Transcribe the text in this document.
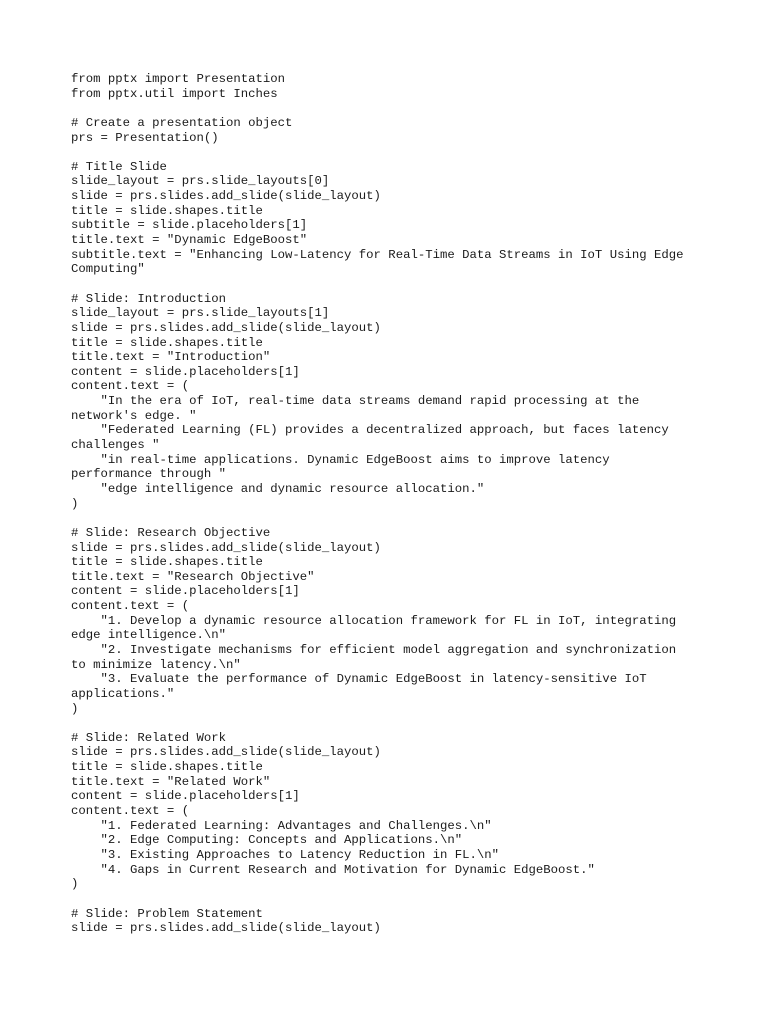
from pptx import Presentation
from pptx.util import Inches
# Create a presentation object
prs = Presentation()
# Title Slide
slide_layout = prs.slide_layouts[0]
slide = prs.slides.add_slide(slide_layout)
title = slide.shapes.title
subtitle = slide.placeholders[1]
title.text = "Dynamic EdgeBoost"
subtitle.text = "Enhancing Low-Latency for Real-Time Data Streams in IoT Using Edge
Computing"
# Slide: Introduction
slide_layout = prs.slide_layouts[1]
slide = prs.slides.add_slide(slide_layout)
title = slide.shapes.title
title.text = "Introduction"
content = slide.placeholders[1]
content.text = (
"In the era of IoT, real-time data streams demand rapid processing at the
network's edge. "
"Federated Learning (FL) provides a decentralized approach, but faces latency
challenges "
"in real-time applications. Dynamic EdgeBoost aims to improve latency
performance through "
"edge intelligence and dynamic resource allocation."
)
# Slide: Research Objective
slide = prs.slides.add_slide(slide_layout)
title = slide.shapes.title
title.text = "Research Objective"
content = slide.placeholders[1]
content.text = (
"1. Develop a dynamic resource allocation framework for FL in IoT, integrating
edge intelligence.\n"
"2. Investigate mechanisms for efficient model aggregation and synchronization
to minimize latency.\n"
"3. Evaluate the performance of Dynamic EdgeBoost in latency-sensitive IoT
applications."
)
# Slide: Related Work
slide = prs.slides.add_slide(slide_layout)
title = slide.shapes.title
title.text = "Related Work"
content = slide.placeholders[1]
content.text = (
"1. Federated Learning: Advantages and Challenges.\n"
"2. Edge Computing: Concepts and Applications.\n"
"3. Existing Approaches to Latency Reduction in FL.\n"
"4. Gaps in Current Research and Motivation for Dynamic EdgeBoost."
)
# Slide: Problem Statement
slide = prs.slides.add_slide(slide_layout)
